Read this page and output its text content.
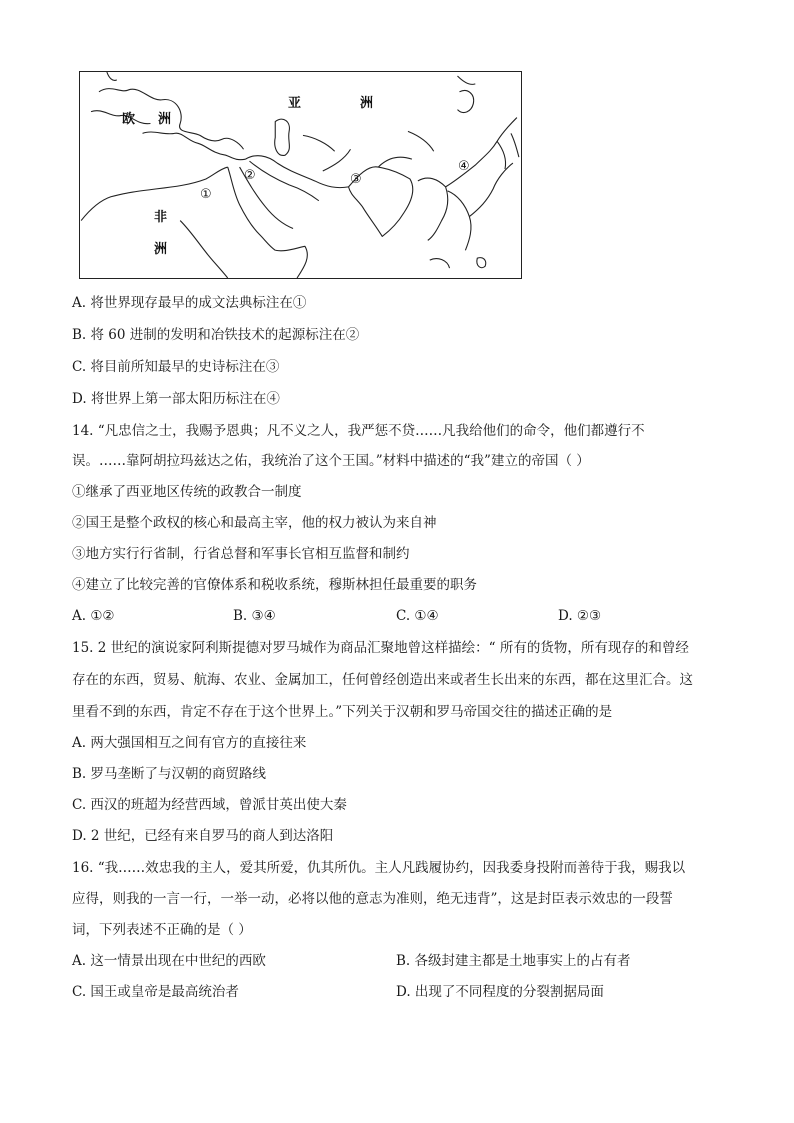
亚	洲
欧 洲
非
洲
①
②	③
④
A. 将世界现存最早的成文法典标注在①
B. 将 60 进制的发明和冶铁技术的起源标注在②
C. 将目前所知最早的史诗标注在③
D. 将世界上第一部太阳历标注在④
14. “凡忠信之士，我赐予恩典；凡不义之人，我严惩不贷……凡我给他们的命令，他们都遵行不
误。……靠阿胡拉玛兹达之佑，我统治了这个王国。”材料中描述的“我”建立的帝国（ ）
①继承了西亚地区传统的政教合一制度
②国王是整个政权的核心和最高主宰，他的权力被认为来自神
③地方实行行省制，行省总督和军事长官相互监督和制约
④建立了比较完善的官僚体系和税收系统，穆斯林担任最重要的职务
A. ①②	B. ③④	C. ①④	D. ②③
15. 2 世纪的演说家阿利斯提德对罗马城作为商品汇聚地曾这样描绘：“ 所有的货物，所有现存的和曾经
存在的东西，贸易、航海、农业、金属加工，任何曾经创造出来或者生长出来的东西，都在这里汇合。这
里看不到的东西，肯定不存在于这个世界上。”下列关于汉朝和罗马帝国交往的描述正确的是
A. 两大强国相互之间有官方的直接往来
B. 罗马垄断了与汉朝的商贸路线
C. 西汉的班超为经营西域，曾派甘英出使大秦
D. 2 世纪，已经有来自罗马的商人到达洛阳
16. “我……效忠我的主人，爱其所爱，仇其所仇。主人凡践履协约，因我委身投附而善待于我，赐我以
应得，则我的一言一行，一举一动，必将以他的意志为准则，绝无违背”，这是封臣表示效忠的一段誓
词，下列表述不正确的是（ ）
A. 这一情景出现在中世纪的西欧	B. 各级封建主都是土地事实上的占有者
C. 国王或皇帝是最高统治者	D. 出现了不同程度的分裂割据局面
